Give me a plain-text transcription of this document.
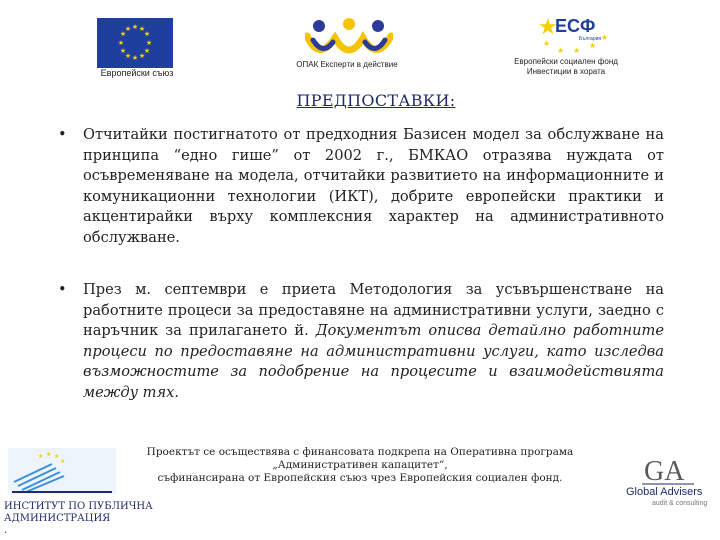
★ ★
★
★
★
★
★
★
★
★
★
★
Европейски съюз
ОПАК Експерти в действие
★
ЕСФ
България
★
★ ★
★
★
Европейски социален фонд
Инвестиции в хората
ПРЕДПОСТАВКИ:
•	Отчитайки постигнатото от предходния Базисен модел за обслужване на принципа “едно гише” от 2002 г., БМКАО отразява нуждата от осъвременяване на модела, отчитайки развитието на информационните и комуникационни технологии (ИКТ), добрите европейски практики и акцентирайки върху комплексния характер на административното обслужване.
•	През м. септември е приета Методология за усъвършенстване на работните процеси за предоставяне на административни услуги, заедно с наръчник за прилагането й. Документът описва детайлно работните процеси по предоставяне на административни услуги, като изследва възможностите за подобрение на процесите и взаимодействията между тях.
★ ★ ★
★
ИНСТИТУТ ПО ПУБЛИЧНА
АДМИНИСТРАЦИЯ
.
Проектът се осъществява с финансовата подкрепа на Оперативна програма
„Административен капацитет”,
съфинансирана от Европейския съюз чрез Европейския социален фонд.	GA
Global Advisers
audit & consulting
